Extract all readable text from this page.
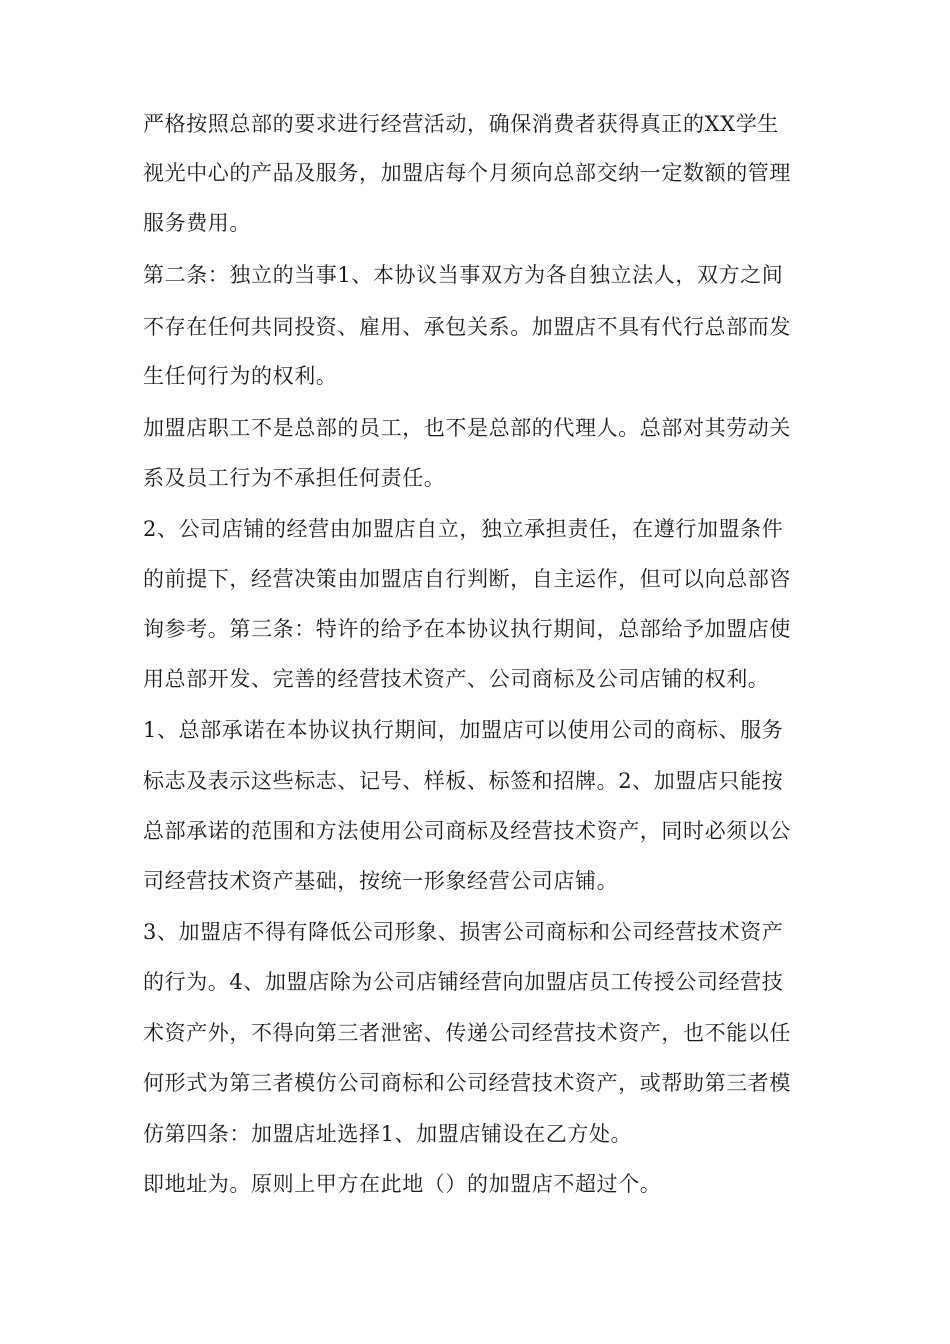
严格按照总部的要求进行经营活动，确保消费者获得真正的XX学生

视光中心的产品及服务，加盟店每个月须向总部交纳一定数额的管理

服务费用。

第二条：独立的当事1、本协议当事双方为各自独立法人，双方之间

不存在任何共同投资、雇用、承包关系。加盟店不具有代行总部而发

生任何行为的权利。

加盟店职工不是总部的员工，也不是总部的代理人。总部对其劳动关

系及员工行为不承担任何责任。

2、公司店铺的经营由加盟店自立，独立承担责任，在遵行加盟条件

的前提下，经营决策由加盟店自行判断，自主运作，但可以向总部咨

询参考。第三条：特许的给予在本协议执行期间，总部给予加盟店使

用总部开发、完善的经营技术资产、公司商标及公司店铺的权利。

1、总部承诺在本协议执行期间，加盟店可以使用公司的商标、服务

标志及表示这些标志、记号、样板、标签和招牌。2、加盟店只能按

总部承诺的范围和方法使用公司商标及经营技术资产，同时必须以公

司经营技术资产基础，按统一形象经营公司店铺。

3、加盟店不得有降低公司形象、损害公司商标和公司经营技术资产

的行为。4、加盟店除为公司店铺经营向加盟店员工传授公司经营技

术资产外，不得向第三者泄密、传递公司经营技术资产，也不能以任

何形式为第三者模仿公司商标和公司经营技术资产，或帮助第三者模

仿第四条：加盟店址选择1、加盟店铺设在乙方处。

即地址为。原则上甲方在此地（）的加盟店不超过个。
